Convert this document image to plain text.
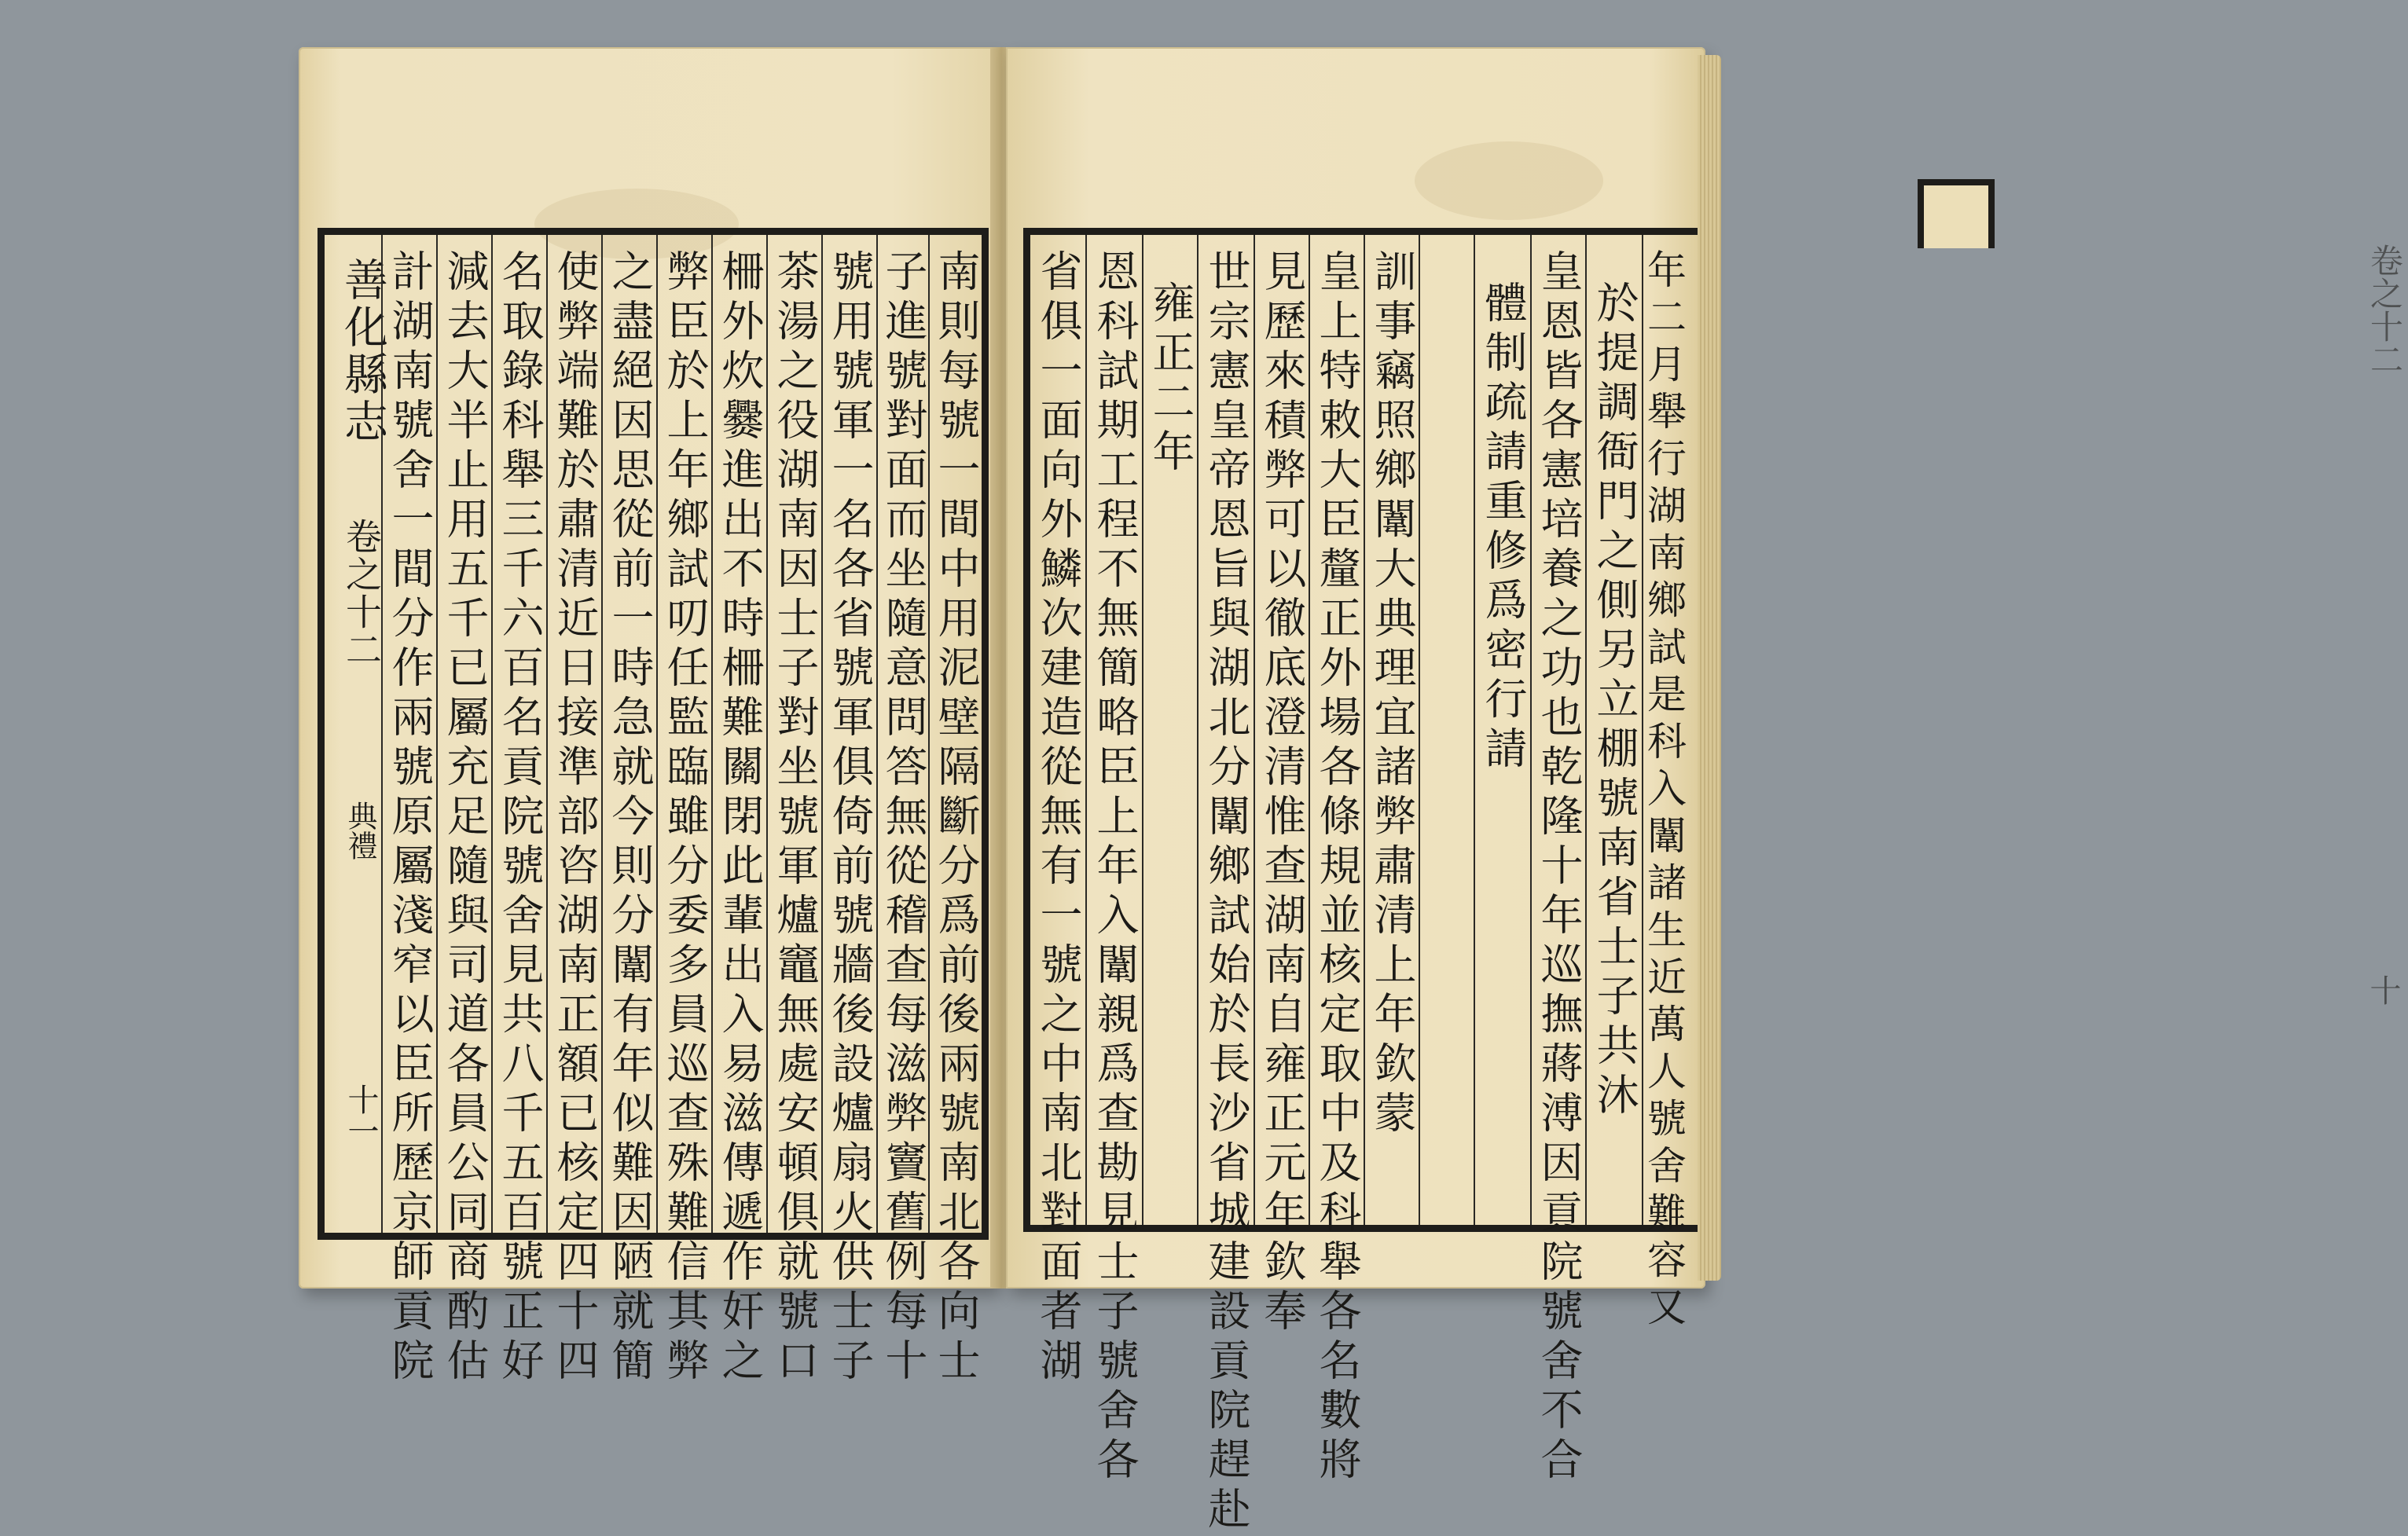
善化縣志
卷之十二
典禮
十一 計湖南號舍一間分作兩號原屬淺窄以臣所歷京師貢院 減去大半止用五千已屬充足隨與司道各員公同商酌估 名取錄科舉三千六百名貢院號舍見共八千五百號正好 使弊端難於肅清近日接準部咨湖南正額已核定四十四 之盡絕因思從前一時急就今則分闈有年似難因陋就簡 弊臣於上年鄉試叨任監臨雖分委多員巡查殊難信其弊 柵外炊爨進出不時柵難關閉此輩出入易滋傳遞作奸之 茶湯之役湖南因士子對坐號軍爐竈無處安頓俱就號口 號用號軍一名各省號軍俱倚前號牆後設爐扇火供士子 子進號對面而坐隨意問答無從稽查每滋弊竇舊例每十 南則每號一間中用泥壁隔斷分爲前後兩號南北各向士 省俱一面向外鱗次建造從無有一號之中南北對面者湖 恩科試期工程不無簡略臣上年入闈親爲查勘見士子號舍各 雍正二年 世宗憲皇帝恩旨與湖北分闈鄉試始於長沙省城建設貢院趕赴 見歷來積弊可以徹底澄清惟查湖南自雍正元年欽奉 皇上特敕大臣釐正外場各條規並核定取中及科舉各名數將 訓事竊照鄉闈大典理宜諸弊肅清上年欽蒙 體制疏請重修爲密行請 皇恩皆各憲培養之功也乾隆十年巡撫蔣溥因貢院號舍不合 於提調衙門之側另立棚號南省士子共沐 年二月舉行湖南鄉試是科入闈諸生近萬人號舍難容又	卷之十二
十
